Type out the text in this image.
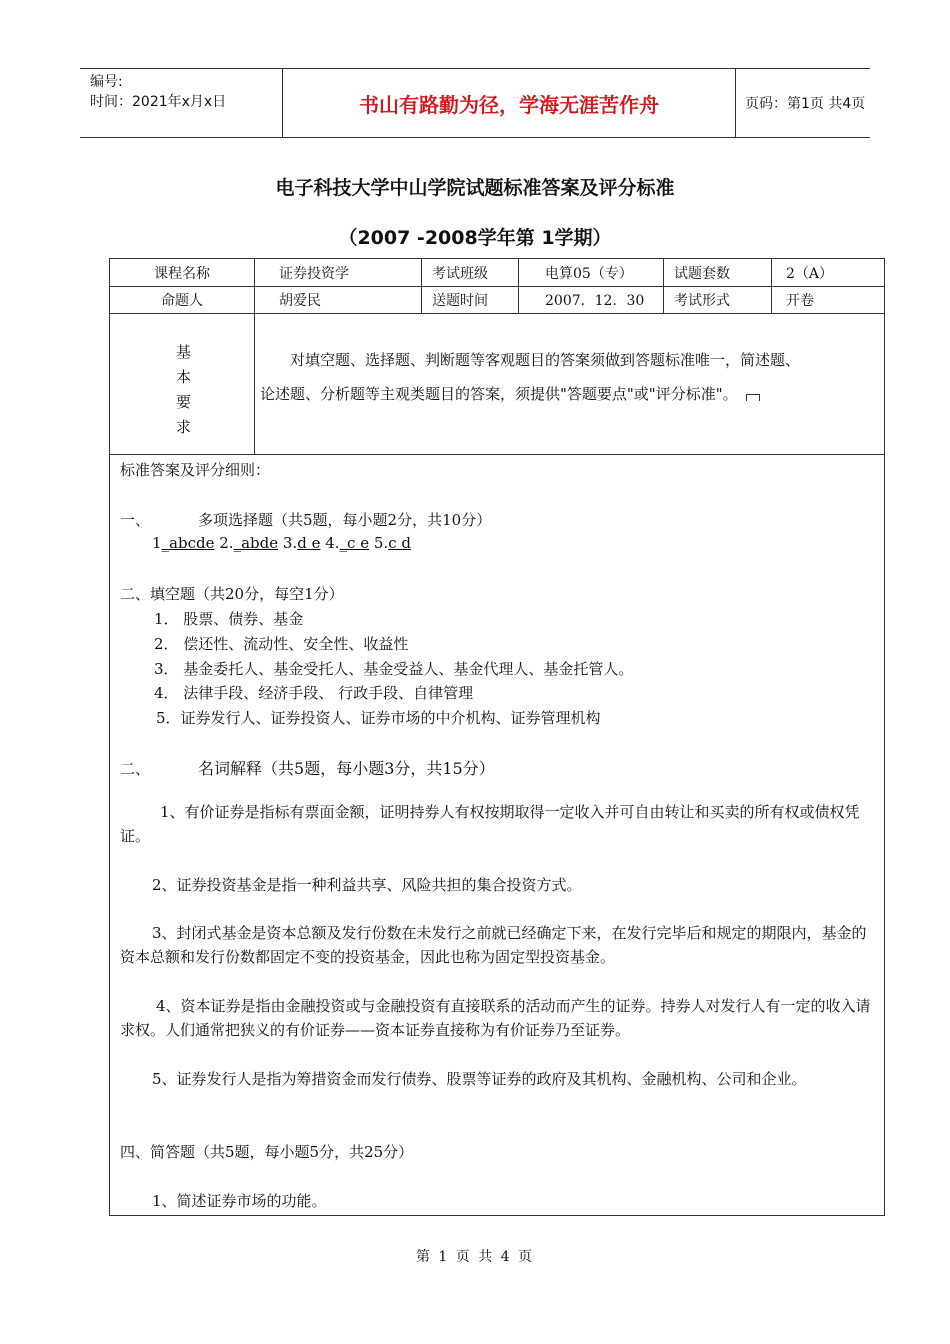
编号:
时间：2021年x月x日	书山有路勤为径，学海无涯苦作舟	页码：第1页 共4页
电子科技大学中山学院试题标准答案及评分标准
（2007 -2008学年第 1学期）
课程名称	证券投资学	考试班级	电算05（专）	试题套数	2（A）
命题人	胡爱民	送题时间	2007．12．30	考试形式	开卷
基
本
要
求
对填空题、选择题、判断题等客观题目的答案须做到答题标准唯一，简述题、
论述题、分析题等主观类题目的答案，须提供"答题要点"或"评分标准"。
标准答案及评分细则：
一、	多项选择题（共5题，每小题2分，共10分）
1_abcde 2._abde 3.d e 4._c e 5.c d
二、填空题（共20分，每空1分）
1． 股票、债券、基金
2． 偿还性、流动性、安全性、收益性
3． 基金委托人、基金受托人、基金受益人、基金代理人、基金托管人。
4． 法律手段、经济手段、 行政手段、自律管理
5．证券发行人、证券投资人、证券市场的中介机构、证券管理机构
二、	名词解释（共5题，每小题3分，共15分）
1、有价证券是指标有票面金额，证明持券人有权按期取得一定收入并可自由转让和买卖的所有权或债权凭证。
2、证券投资基金是指一种利益共享、风险共担的集合投资方式。
3、封闭式基金是资本总额及发行份数在未发行之前就已经确定下来，在发行完毕后和规定的期限内，基金的资本总额和发行份数都固定不变的投资基金，因此也称为固定型投资基金。
4、资本证券是指由金融投资或与金融投资有直接联系的活动而产生的证券。持券人对发行人有一定的收入请求权。人们通常把狭义的有价证券——资本证券直接称为有价证券乃至证券。
5、证券发行人是指为筹措资金而发行债券、股票等证券的政府及其机构、金融机构、公司和企业。
四、简答题（共5题，每小题5分，共25分）
1、简述证券市场的功能。
第 1 页 共 4 页
